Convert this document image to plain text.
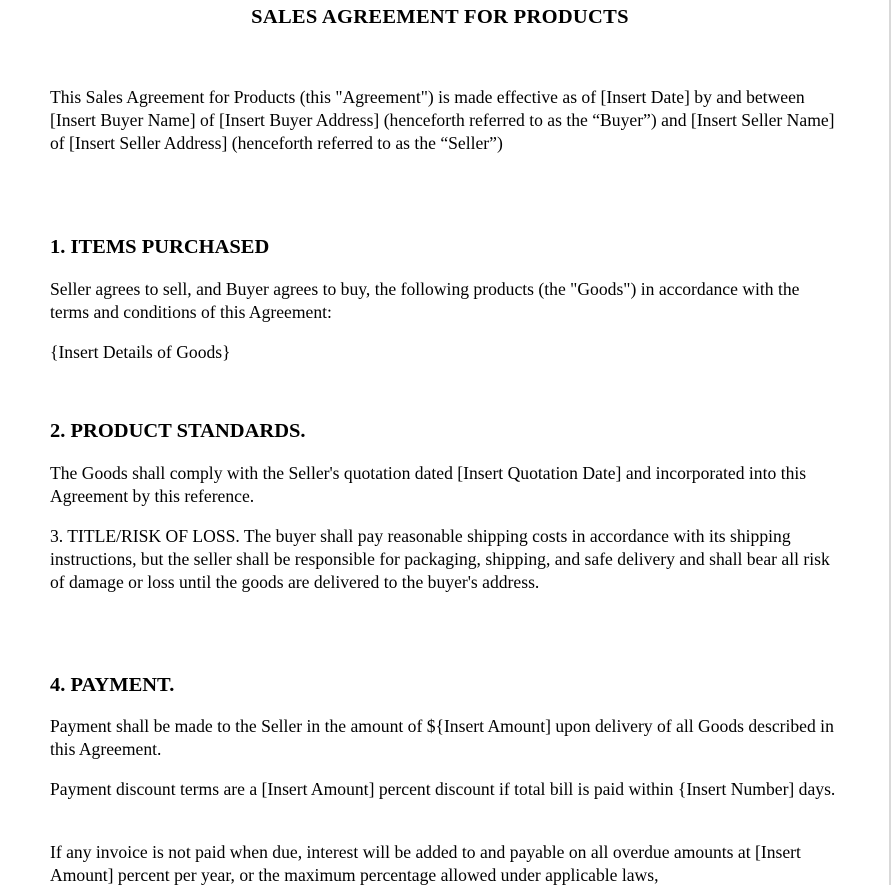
SALES AGREEMENT FOR PRODUCTS

This Sales Agreement for Products (this "Agreement") is made effective as of [Insert Date] by and between [Insert Buyer Name] of [Insert Buyer Address] (henceforth referred to as the “Buyer”) and [Insert Seller Name] of [Insert Seller Address] (henceforth referred to as the “Seller”)

1. ITEMS PURCHASED

Seller agrees to sell, and Buyer agrees to buy, the following products (the "Goods") in accordance with the terms and conditions of this Agreement:

{Insert Details of Goods}

2. PRODUCT STANDARDS.

The Goods shall comply with the Seller's quotation dated [Insert Quotation Date] and incorporated into this Agreement by this reference.

3. TITLE/RISK OF LOSS. The buyer shall pay reasonable shipping costs in accordance with its shipping instructions, but the seller shall be responsible for packaging, shipping, and safe delivery and shall bear all risk of damage or loss until the goods are delivered to the buyer's address.

4. PAYMENT.

Payment shall be made to the Seller in the amount of ${Insert Amount] upon delivery of all Goods described in this Agreement.

Payment discount terms are a [Insert Amount] percent discount if total bill is paid within {Insert Number] days.

If any invoice is not paid when due, interest will be added to and payable on all overdue amounts at [Insert Amount] percent per year, or the maximum percentage allowed under applicable laws,
